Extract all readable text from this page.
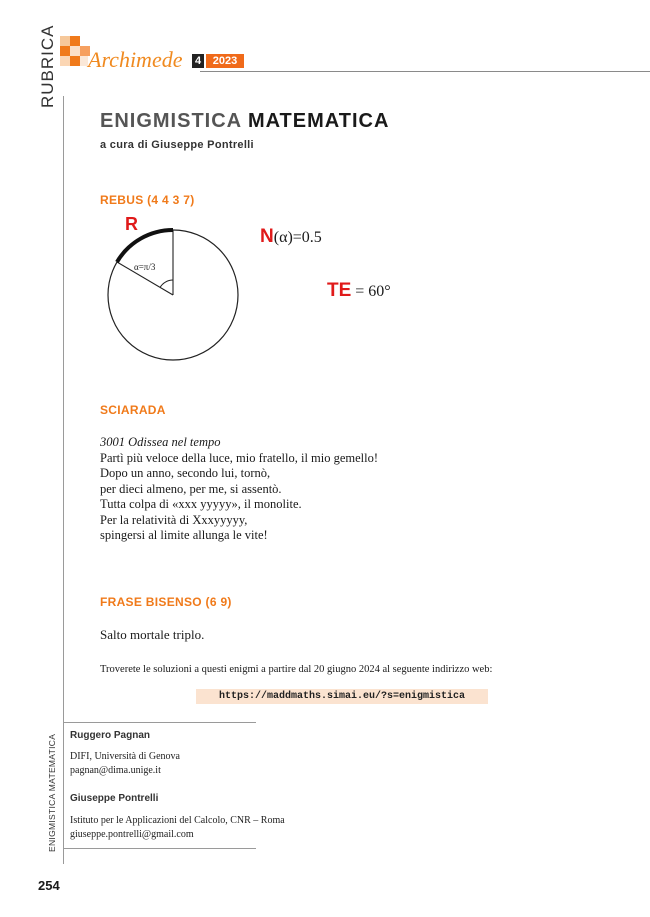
RUBRICA
ENIGMISTICA MATEMATICA
Archimede 4	2023
ENIGMISTICA MATEMATICA
a cura di Giuseppe Pontrelli
REBUS (4 4 3 7)
R
α=π/3
N(α)=0.5
TE = 60°
SCIARADA
3001 Odissea nel tempo
Partì più veloce della luce, mio fratello, il mio gemello!
Dopo un anno, secondo lui, tornò,
per dieci almeno, per me, si assentò.
Tutta colpa di «xxx yyyyy», il monolite.
Per la relatività di Xxxyyyyy,
spingersi al limite allunga le vite!
FRASE BISENSO (6 9)
Salto mortale triplo.
Troverete le soluzioni a questi enigmi a partire dal 20 giugno 2024 al seguente indirizzo web:
https://maddmaths.simai.eu/?s=enigmistica
Ruggero Pagnan
DIFI, Università di Genova
pagnan@dima.unige.it
Giuseppe Pontrelli
Istituto per le Applicazioni del Calcolo, CNR – Roma
giuseppe.pontrelli@gmail.com
254
